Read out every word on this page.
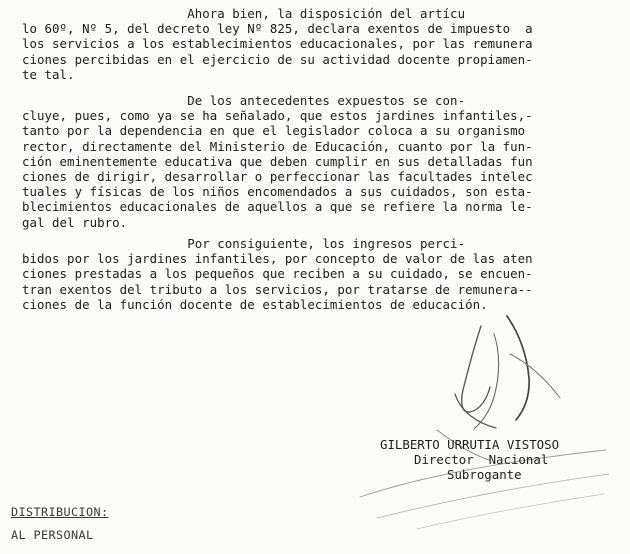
Ahora bien, la disposición del artícu
lo 60º, Nº 5, del decreto ley Nº 825, declara exentos de impuesto  a
los servicios a los establecimientos educacionales, por las remunera
ciones percibidas en el ejercicio de su actividad docente propiamen-
te tal.

De los antecedentes expuestos se con-
cluye, pues, como ya se ha señalado, que estos jardines infantiles,-
tanto por la dependencia en que el legislador coloca a su organismo
rector, directamente del Ministerio de Educación, cuanto por la fun-
ción eminentemente educativa que deben cumplir en sus detalladas fun
ciones de dirigir, desarrollar o perfeccionar las facultades intelec
tuales y físicas de los niños encomendados a sus cuidados, son esta-
blecimientos educacionales de aquellos a que se refiere la norma le-
gal del rubro.

Por consiguiente, los ingresos perci-
bidos por los jardines infantiles, por concepto de valor de las aten
ciones prestadas a los pequeños que reciben a su cuidado, se encuen-
tran exentos del tributo a los servicios, por tratarse de remunera--
ciones de la función docente de establecimientos de educación.

GILBERTO URRUTIA VISTOSO
Director  Nacional
Subrogante
DISTRIBUCION:
AL PERSONAL
